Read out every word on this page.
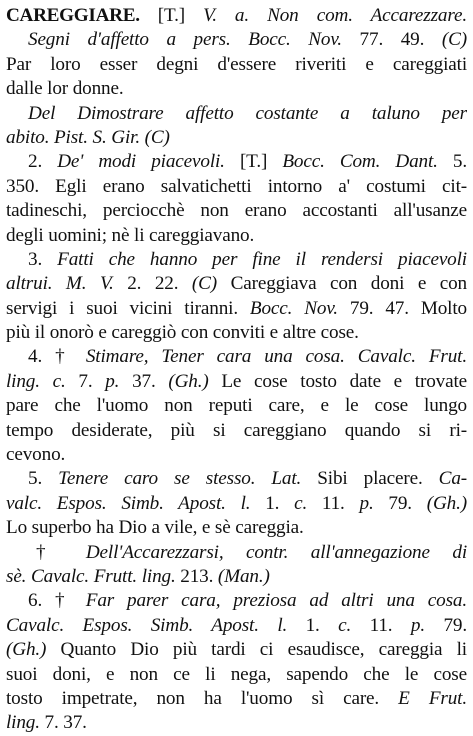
CAREGGIARE. [T.] V. a. Non com. Accarezzare.
Segni d'affetto a pers. Bocc. Nov. 77. 49. (C)
Par loro esser degni d'essere riveriti e careggiati
dalle lor donne.
Del Dimostrare affetto costante a taluno per
abito. Pist. S. Gir. (C)
2. De' modi piacevoli. [T.] Bocc. Com. Dant. 5.
350. Egli erano salvatichetti intorno a' costumi cit-
tadineschi, perciocchè non erano accostanti all'usanze
degli uomini; nè li careggiavano.
3. Fatti che hanno per fine il rendersi piacevoli
altrui. M. V. 2. 22. (C) Careggiava con doni e con
servigi i suoi vicini tiranni. Bocc. Nov. 79. 47. Molto
più il onorò e careggiò con conviti e altre cose.
4. † Stimare, Tener cara una cosa. Cavalc. Frut.
ling. c. 7. p. 37. (Gh.) Le cose tosto date e trovate
pare che l'uomo non reputi care, e le cose lungo
tempo desiderate, più si careggiano quando si ri-
cevono.
5. Tenere caro se stesso. Lat. Sibi placere. Ca-
valc. Espos. Simb. Apost. l. 1. c. 11. p. 79. (Gh.)
Lo superbo ha Dio a vile, e sè careggia.
† Dell'Accarezzarsi, contr. all'annegazione di
sè. Cavalc. Frutt. ling. 213. (Man.)
6. † Far parer cara, preziosa ad altri una cosa.
Cavalc. Espos. Simb. Apost. l. 1. c. 11. p. 79.
(Gh.) Quanto Dio più tardi ci esaudisce, careggia li
suoi doni, e non ce li nega, sapendo che le cose
tosto impetrate, non ha l'uomo sì care. E Frut.
ling. 7. 37.
